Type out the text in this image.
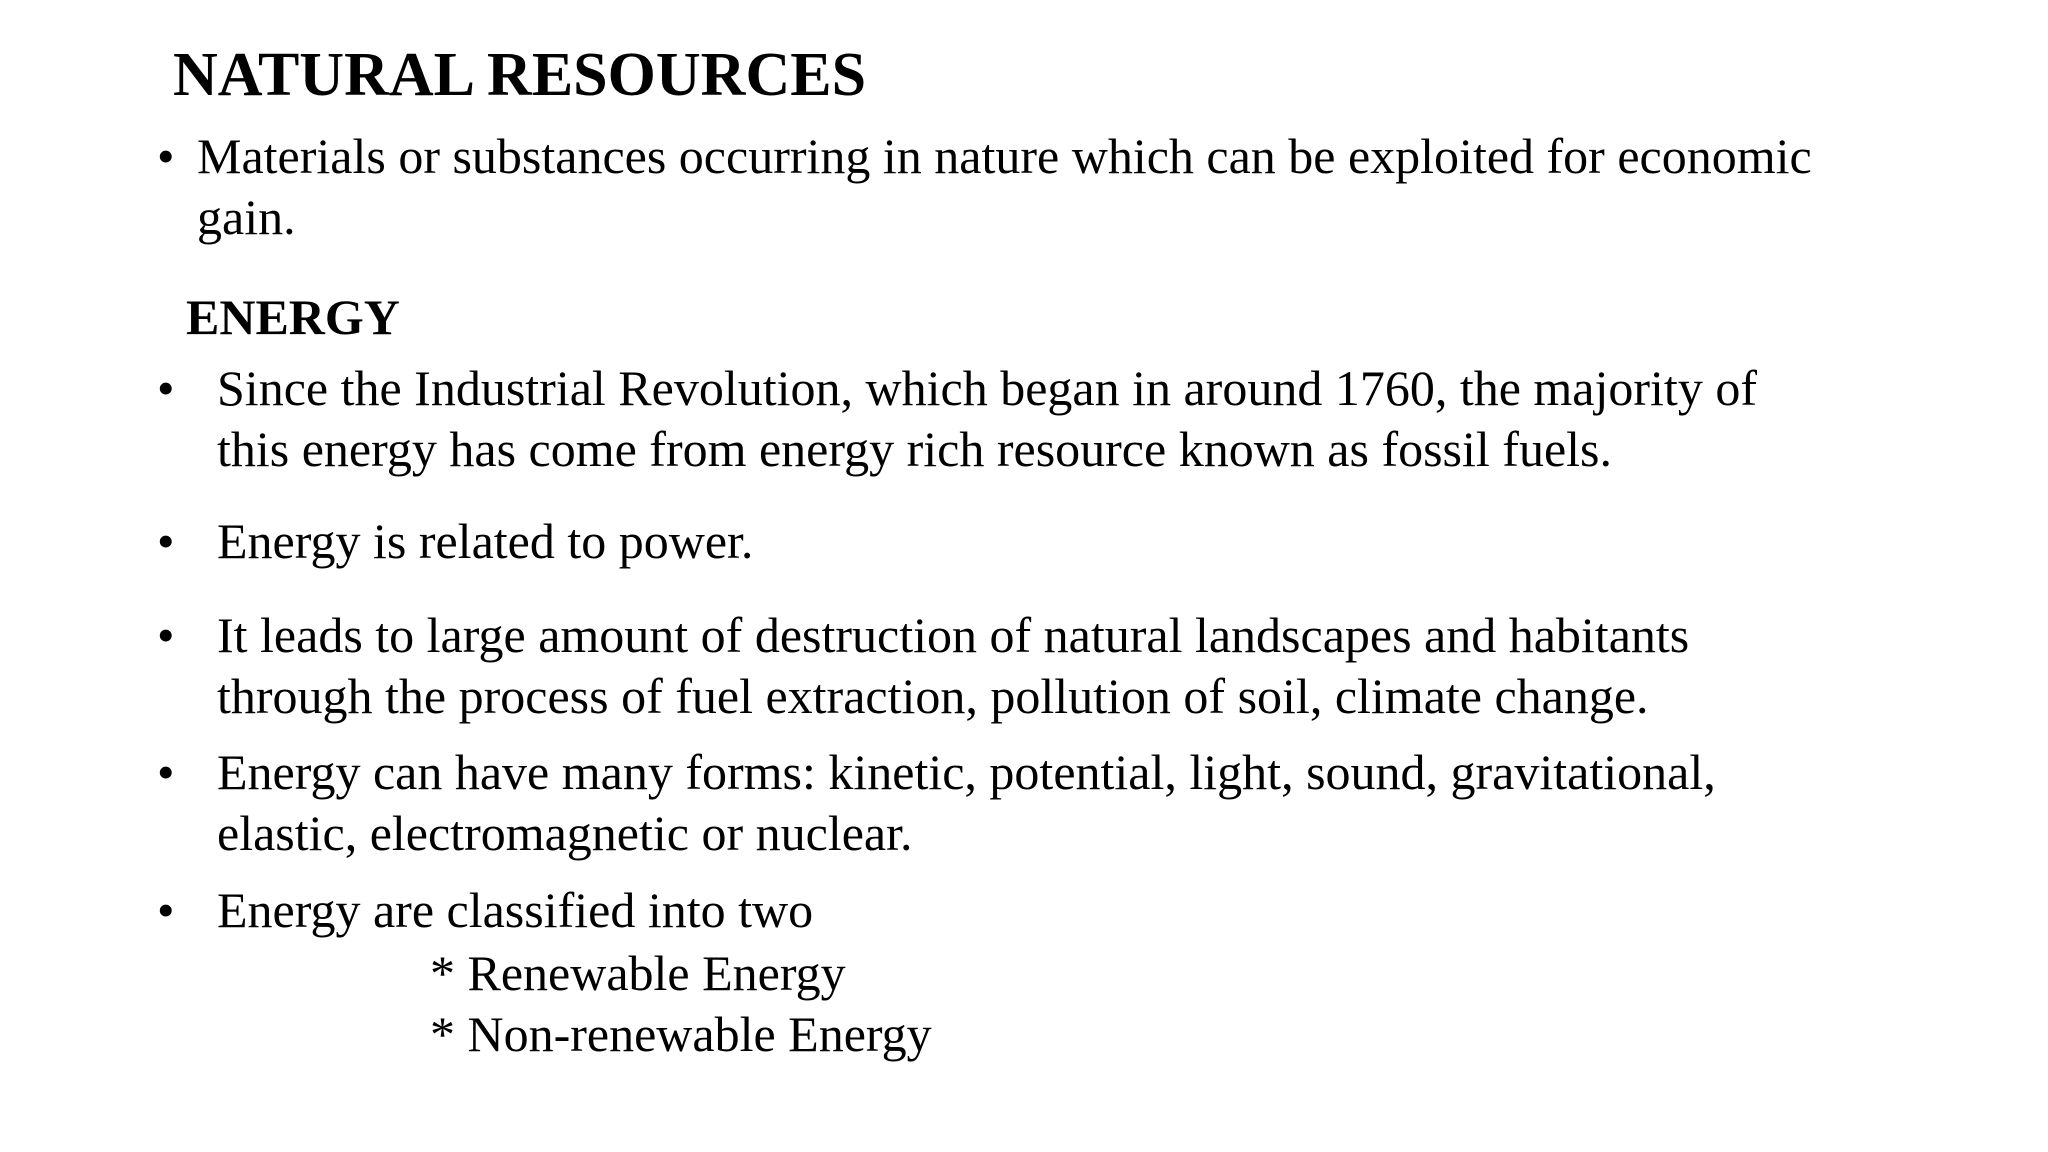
NATURAL RESOURCES
• Materials or substances occurring in nature which can be exploited for economic
gain.
ENERGY
• Since the Industrial Revolution, which began in around 1760, the majority of
this energy has come from energy rich resource known as fossil fuels.
• Energy is related to power.
• It leads to large amount of destruction of natural landscapes and habitants
through the process of fuel extraction, pollution of soil, climate change.
• Energy can have many forms: kinetic, potential, light, sound, gravitational,
elastic, electromagnetic or nuclear.
• Energy are classified into two
* Renewable Energy
* Non-renewable Energy
